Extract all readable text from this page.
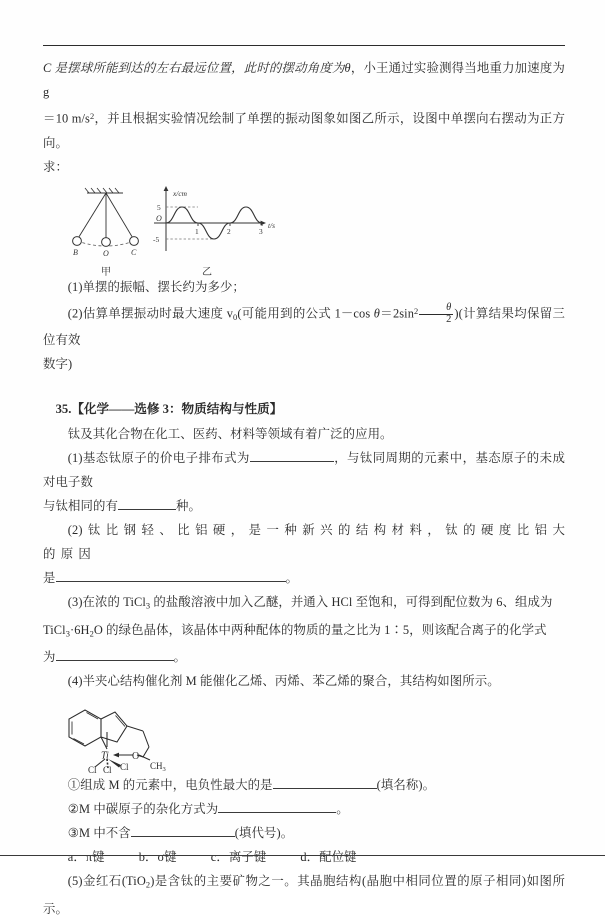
C 是摆球所能到达的左右最远位置，此时的摆动角度为θ，小王通过实验测得当地重力加速度为 g

＝10 $m/s^2$，并且根据实验情况绘制了单摆的振动图象如图乙所示，设图中单摆向右摆动为正方向。

求：

B	O	C
甲
x/cm
5
-5
O
1	2	3
t/s
乙

(1)单摆的振幅、摆长约为多少；

(2)估算单摆振动时最大速度 $v_0$(可能用到的公式 1－cos $\theta=2\sin^2 \frac{\theta}{2}$ )(计算结果均保留三位有效

数字)

35.【化学——选修 3：物质结构与性质】

钛及其化合物在化工、医药、材料等领域有着广泛的应用。

(1)基态钛原子的价电子排布式为	，与钛同周期的元素中，基态原子的未成对电子数

与钛相同的有	种。

(2) 钛 比 钢 轻 、 比 铝 硬 ， 是 一 种 新 兴 的 结 构 材 料 ， 钛 的 硬 度 比 铝 大 的 原 因

是	。

(3)在浓的 TiCl$_3$ 的盐酸溶液中加入乙醚，并通入 HCl 至饱和，可得到配位数为 6、组成为

$TiCl_3\cdot 6H_2O$ 的绿色晶体，该晶体中两种配体的物质的量之比为 1∶5，则该配合离子的化学式

为	。

(4)半夹心结构催化剂 M 能催化乙烯、丙烯、苯乙烯的聚合，其结构如图所示。

Ti
Cl Cl Cl
O
$CH_3$

①组成 M 的元素中，电负性最大的是	(填名称)。

②M 中碳原子的杂化方式为	。

③M 中不含	(填代号)。

a．π键	b．σ键	c．离子键	d．配位键

(5)金红石(TiO$_2$)是含钛的主要矿物之一。其晶胞结构(晶胞中相同位置的原子相同)如图所示。
